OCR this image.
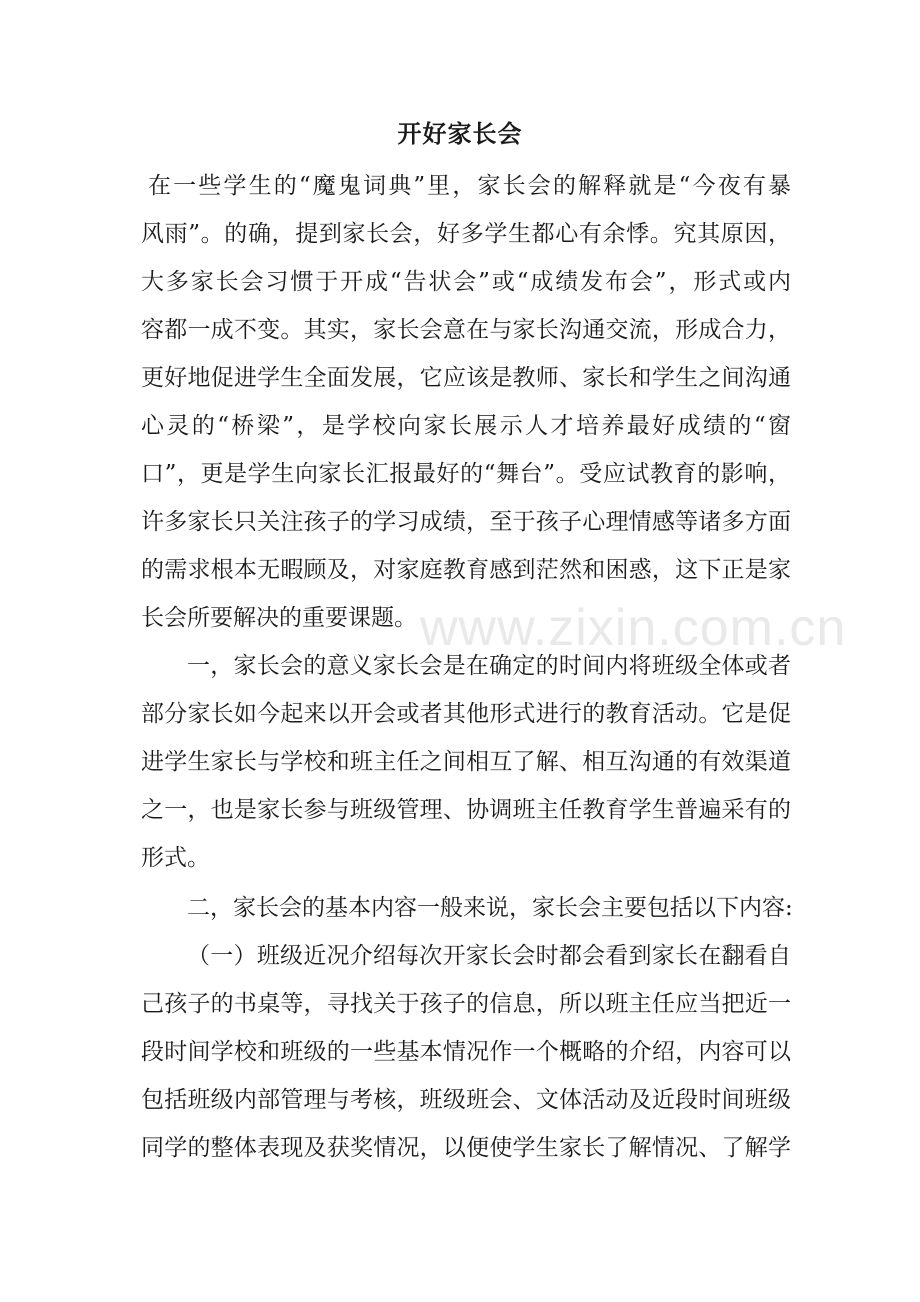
开好家长会
www.zixin.com.cn
在一些学生的“魔鬼词典”里，家长会的解释就是“今夜有暴
风雨”。的确，提到家长会，好多学生都心有余悸。究其原因，
大多家长会习惯于开成“告状会”或“成绩发布会”，形式或内
容都一成不变。其实，家长会意在与家长沟通交流，形成合力，
更好地促进学生全面发展，它应该是教师、家长和学生之间沟通
心灵的“桥梁”，是学校向家长展示人才培养最好成绩的“窗
口”，更是学生向家长汇报最好的“舞台”。受应试教育的影响，
许多家长只关注孩子的学习成绩，至于孩子心理情感等诸多方面
的需求根本无暇顾及，对家庭教育感到茫然和困惑，这下正是家
长会所要解决的重要课题。
一，家长会的意义家长会是在确定的时间内将班级全体或者
部分家长如今起来以开会或者其他形式进行的教育活动。它是促
进学生家长与学校和班主任之间相互了解、相互沟通的有效渠道
之一，也是家长参与班级管理、协调班主任教育学生普遍采有的
形式。
二，家长会的基本内容一般来说，家长会主要包括以下内容:
（一）班级近况介绍每次开家长会时都会看到家长在翻看自
己孩子的书桌等，寻找关于孩子的信息，所以班主任应当把近一
段时间学校和班级的一些基本情况作一个概略的介绍，内容可以
包括班级内部管理与考核，班级班会、文体活动及近段时间班级
同学的整体表现及获奖情况，以便使学生家长了解情况、了解学
